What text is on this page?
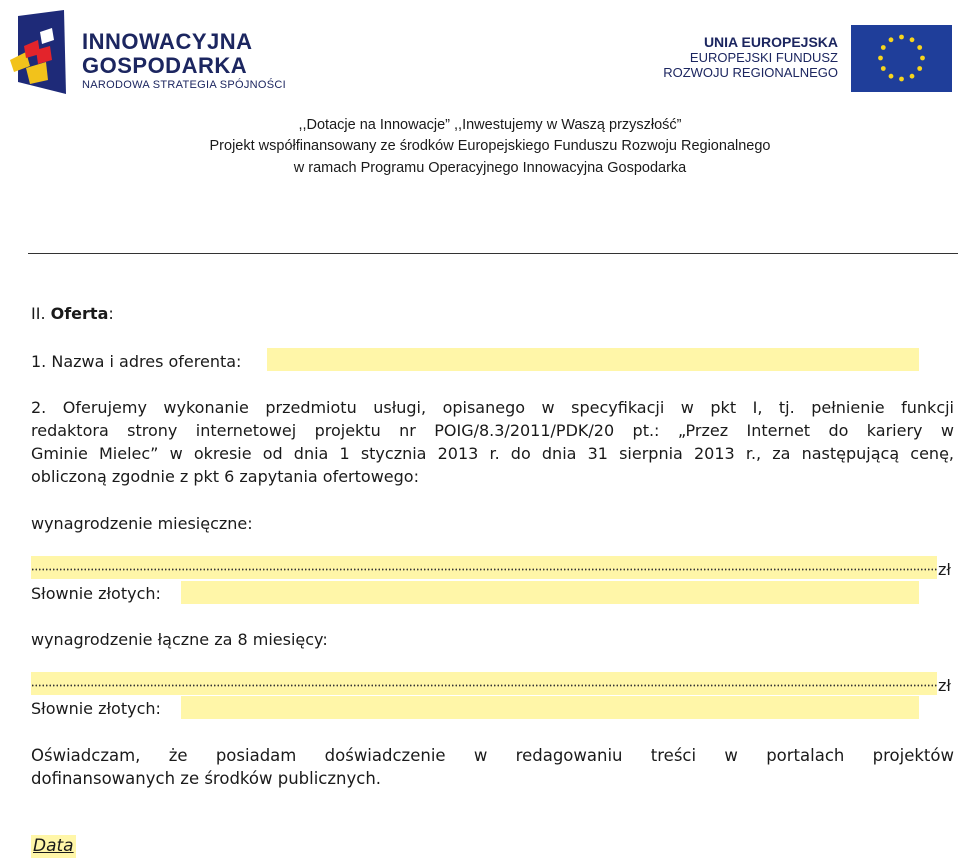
INNOWACYJNA
GOSPODARKA
NARODOWA STRATEGIA SPÓJNOŚCI
UNIA EUROPEJSKA
EUROPEJSKI FUNDUSZ
ROZWOJU REGIONALNEGO
,,Dotacje na Innowacje” ,,Inwestujemy w Waszą przyszłość”
Projekt współfinansowany ze środków Europejskiego Funduszu Rozwoju Regionalnego
w ramach Programu Operacyjnego Innowacyjna Gospodarka
II. Oferta:
1. Nazwa i adres oferenta:
2. Oferujemy wykonanie przedmiotu usługi, opisanego w specyfikacji w pkt I, tj. pełnienie funkcji
redaktora strony internetowej projektu nr POIG/8.3/2011/PDK/20 pt.: „Przez Internet do kariery w
Gminie Mielec” w okresie od dnia 1 stycznia 2013 r. do dnia 31 sierpnia 2013 r., za następującą cenę,
obliczoną zgodnie z pkt 6 zapytania ofertowego:
wynagrodzenie miesięczne:
zł
Słownie złotych:
wynagrodzenie łączne za 8 miesięcy:
zł
Słownie złotych:
Oświadczam, że posiadam doświadczenie w redagowaniu treści w portalach projektów
dofinansowanych ze środków publicznych.
Data
